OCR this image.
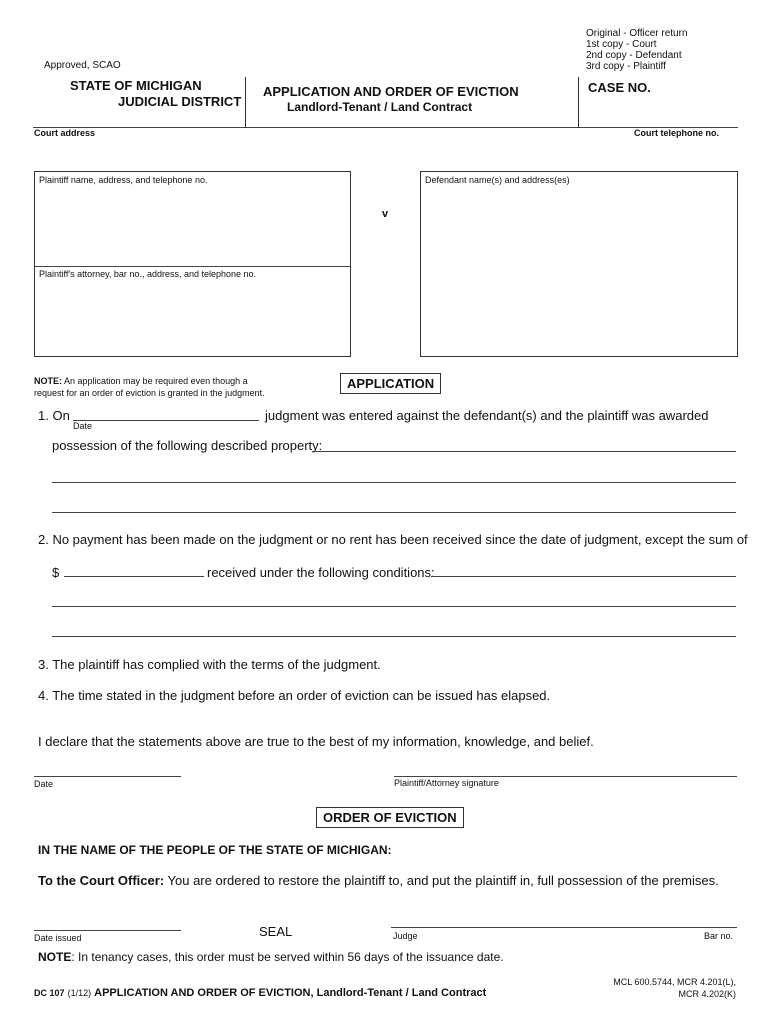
Original - Officer return
1st copy - Court
2nd copy - Defendant
3rd copy - Plaintiff
Approved, SCAO
STATE OF MICHIGAN
JUDICIAL DISTRICT
APPLICATION AND ORDER OF EVICTION
Landlord-Tenant / Land Contract
CASE NO.
Court address	Court telephone no.
Plaintiff name, address, and telephone no.
Plaintiff's attorney, bar no., address, and telephone no.
v
Defendant name(s) and address(es)
NOTE: An application may be required even though a
request for an order of eviction is granted in the judgment.
APPLICATION
1. On
Date
judgment was entered against the defendant(s) and the plaintiff was awarded
possession of the following described property:
2. No payment has been made on the judgment or no rent has been received since the date of judgment, except the sum of
$	received under the following conditions:
3. The plaintiff has complied with the terms of the judgment.
4. The time stated in the judgment before an order of eviction can be issued has elapsed.
I declare that the statements above are true to the best of my information, knowledge, and belief.
Date	Plaintiff/Attorney signature
ORDER OF EVICTION
IN THE NAME OF THE PEOPLE OF THE STATE OF MICHIGAN:
To the Court Officer: You are ordered to restore the plaintiff to, and put the plaintiff in, full possession of the premises.
Date issued	SEAL	Judge	Bar no.
NOTE: In tenancy cases, this order must be served within 56 days of the issuance date.
DC 107 (1/12) APPLICATION AND ORDER OF EVICTION, Landlord-Tenant / Land Contract
MCL 600.5744, MCR 4.201(L),
MCR 4.202(K)
